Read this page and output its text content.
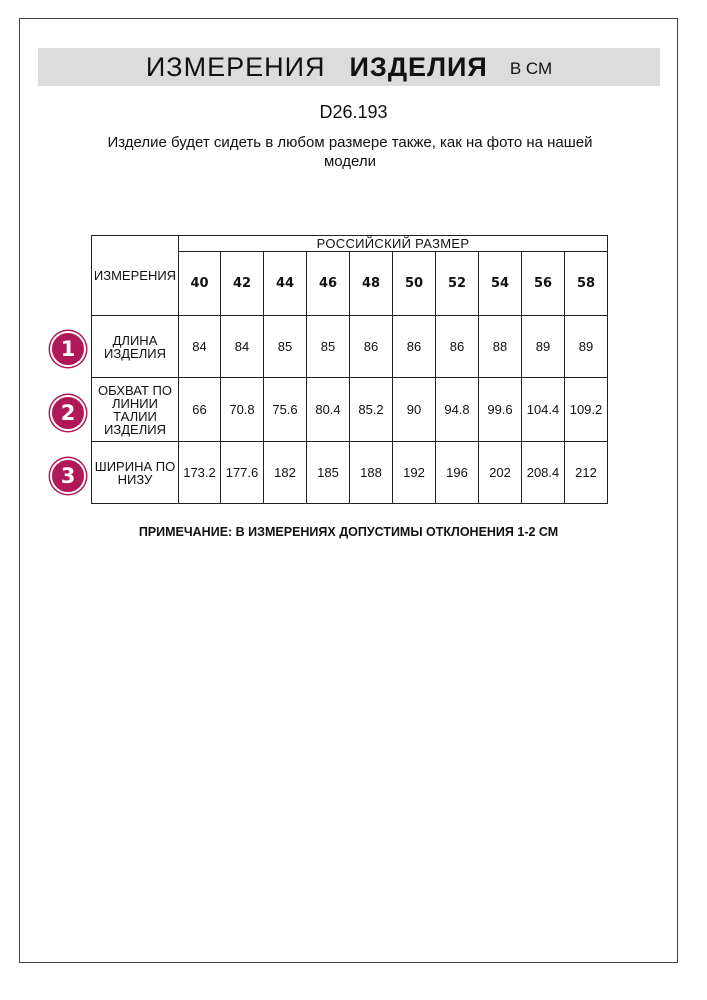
ИЗМЕРЕНИЯ ИЗДЕЛИЯ В СМ
D26.193
Изделие будет сидеть в любом размере также, как на фото на нашей модели
ИЗМЕРЕНИЯ	РОССИЙСКИЙ РАЗМЕР									
	40	42	44	46	48	50	52	54	56	58
ДЛИНА ИЗДЕЛИЯ	84	84	85	85	86	86	86	88	89	89
ОБХВАТ ПО ЛИНИИ ТАЛИИ ИЗДЕЛИЯ	66	70.8	75.6	80.4	85.2	90	94.8	99.6	104.4	109.2
ШИРИНА ПО НИЗУ	173.2	177.6	182	185	188	192	196	202	208.4	212
1
2
3
ПРИМЕЧАНИЕ: В ИЗМЕРЕНИЯХ ДОПУСТИМЫ ОТКЛОНЕНИЯ 1-2 СМ
